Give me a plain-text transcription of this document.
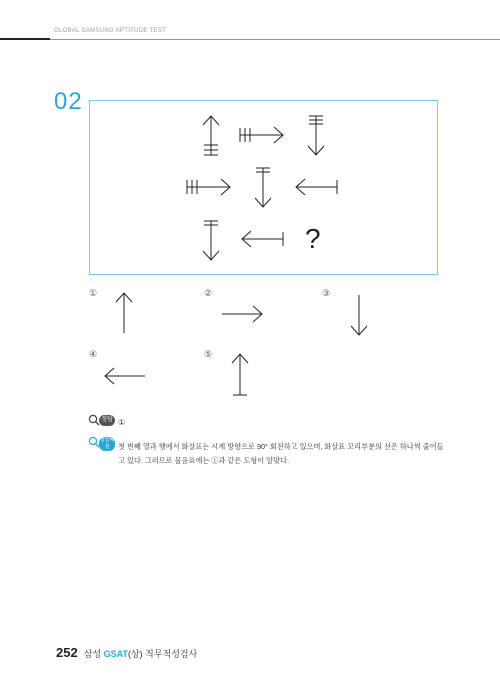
GLOBAL SAMSUNG APTITUDE TEST
02
?
①	②	③
④	⑤
정답 ①
정답해설	첫 번째 열과 행에서 화살표는 시계 방향으로 90° 회전하고 있으며, 화살표 꼬리부분의 선은 하나씩 줄어들고 있다. 그러므로 물음표에는 ①과 같은 도형이 알맞다.
252 삼성 GSAT(상) 직무적성검사
